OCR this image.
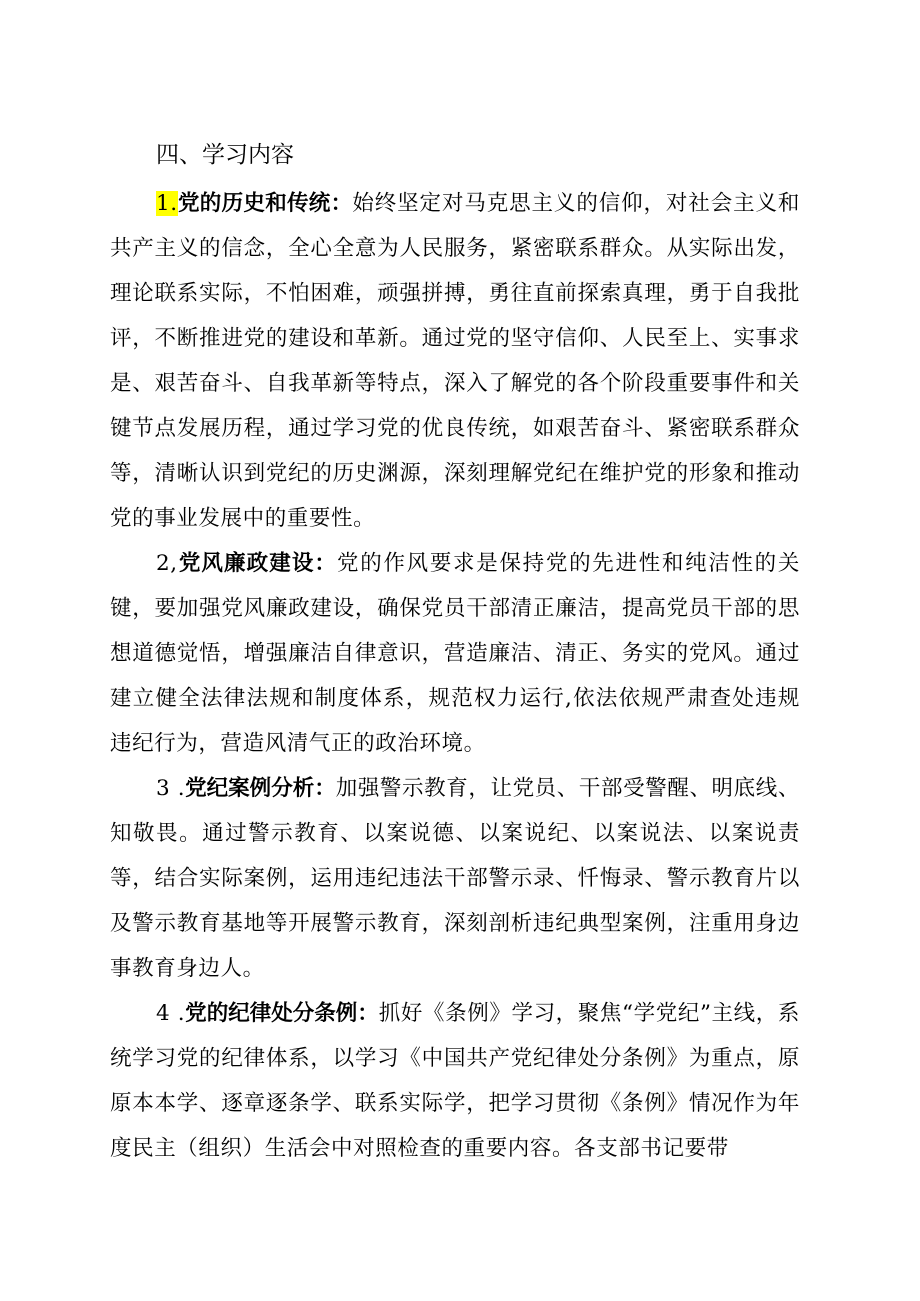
四、学习内容

1.党的历史和传统：始终坚定对马克思主义的信仰，对社会主义和共产主义的信念，全心全意为人民服务，紧密联系群众。从实际出发，理论联系实际，不怕困难，顽强拼搏，勇往直前探索真理，勇于自我批评，不断推进党的建设和革新。通过党的坚守信仰、人民至上、实事求是、艰苦奋斗、自我革新等特点，深入了解党的各个阶段重要事件和关键节点发展历程，通过学习党的优良传统，如艰苦奋斗、紧密联系群众等，清晰认识到党纪的历史渊源，深刻理解党纪在维护党的形象和推动党的事业发展中的重要性。

2,党风廉政建设：党的作风要求是保持党的先进性和纯洁性的关键，要加强党风廉政建设，确保党员干部清正廉洁，提高党员干部的思想道德觉悟，增强廉洁自律意识，营造廉洁、清正、务实的党风。通过建立健全法律法规和制度体系，规范权力运行,依法依规严肃查处违规违纪行为，营造风清气正的政治环境。

3 .党纪案例分析：加强警示教育，让党员、干部受警醒、明底线、知敬畏。通过警示教育、以案说德、以案说纪、以案说法、以案说责等，结合实际案例，运用违纪违法干部警示录、忏悔录、警示教育片以及警示教育基地等开展警示教育，深刻剖析违纪典型案例，注重用身边事教育身边人。

4 .党的纪律处分条例：抓好《条例》学习，聚焦“学党纪”主线，系统学习党的纪律体系，以学习《中国共产党纪律处分条例》为重点，原原本本学、逐章逐条学、联系实际学，把学习贯彻《条例》情况作为年度民主（组织）生活会中对照检查的重要内容。各支部书记要带
